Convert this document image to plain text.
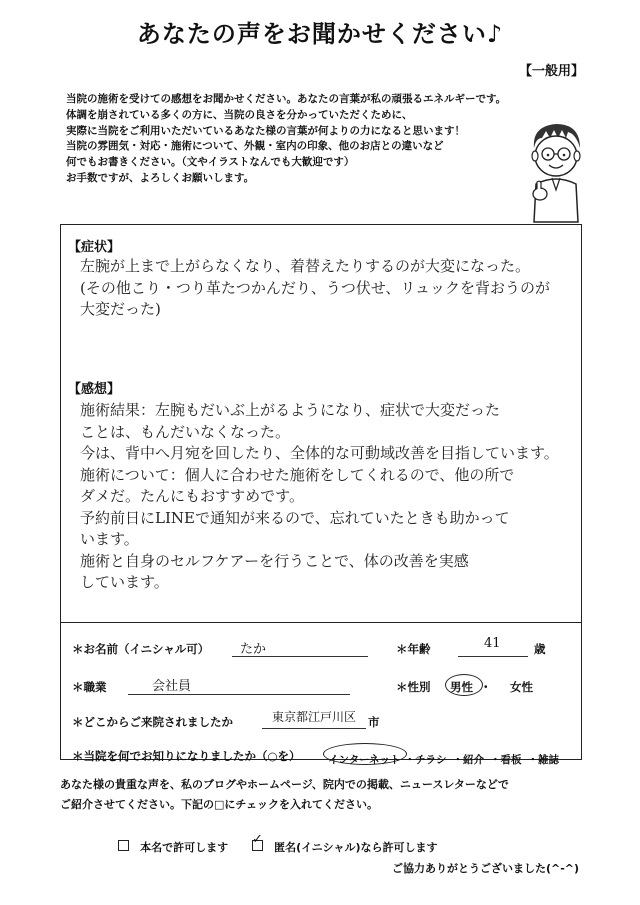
あなたの声をお聞かせください♪
【一般用】
当院の施術を受けての感想をお聞かせください。あなたの言葉が私の頑張るエネルギーです。
体調を崩されている多くの方に、当院の良さを分かっていただくために、
実際に当院をご利用いただいているあなた様の言葉が何よりの力になると思います！
当院の雰囲気・対応・施術について、外観・室内の印象、他のお店との違いなど
何でもお書きください。（文やイラストなんでも大歓迎です）
お手数ですが、よろしくお願いします。
【症状】
左腕が上まで上がらなくなり、着替えたりするのが大変になった。
(その他こり・つり革たつかんだり、うつ伏せ、リュックを背おうのが
大変だった)
【感想】
施術結果：左腕もだいぶ上がるようになり、症状で大変だった
ことは、もんだいなくなった。
今は、背中へ月宛を回したり、全体的な可動域改善を目指しています。
施術について：個人に合わせた施術をしてくれるので、他の所で
ダメだ。たんにもおすすめです。
予約前日にLINEで通知が来るので、忘れていたときも助かって
います。
施術と自身のセルフケアーを行うことで、体の改善を実感
しています。
＊お名前（イニシャル可） たか	＊年齢	41	歳
＊職業	会社員	＊性別 男性 ・ 女性
＊どこからご来院されましたか	東京都江戸川区 市
＊当院を何でお知りになりましたか（○を）	インターネット ・チラシ ・紹介 ・看板 ・雑誌
あなた様の貴重な声を、私のブログやホームページ、院内での掲載、ニュースレターなどで
ご紹介させてください。下記の□にチェックを入れてください。
本名で許可します
✓
匿名(イニシャル)なら許可します
ご協力ありがとうございました(^-^)
